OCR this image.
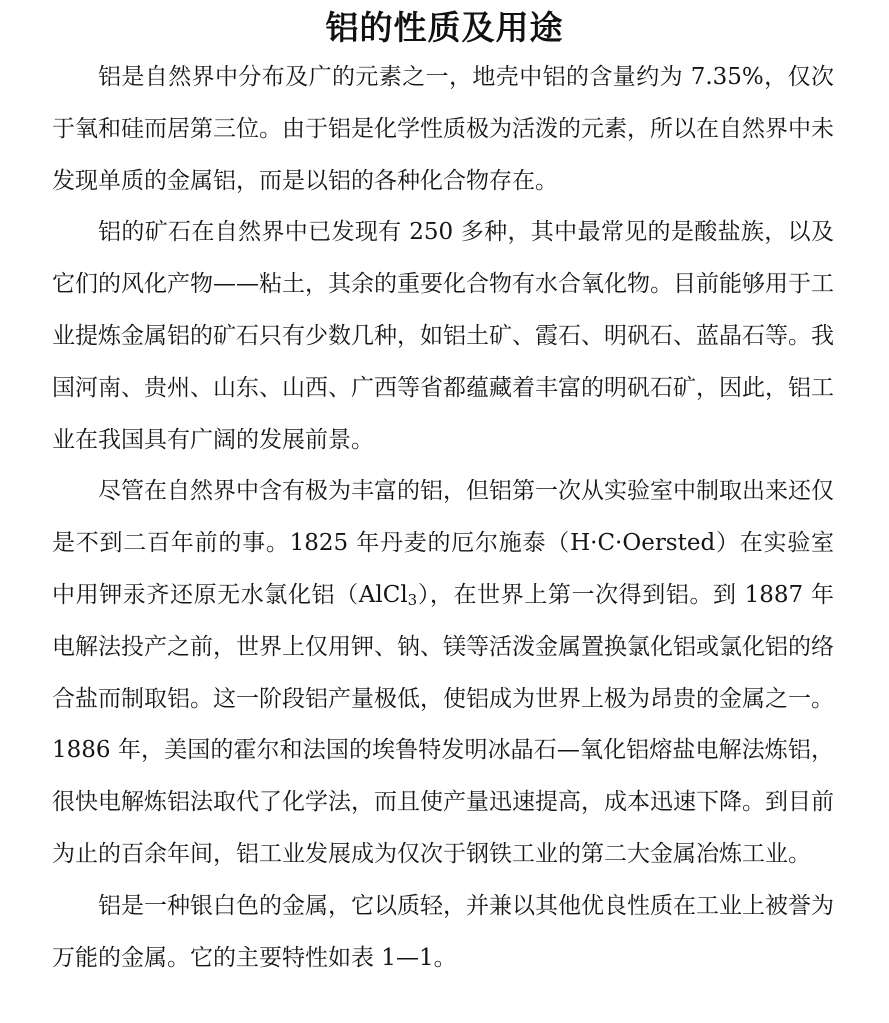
铝的性质及用途

铝是自然界中分布及广的元素之一，地壳中铝的含量约为 7.35%，仅次于氧和硅而居第三位。由于铝是化学性质极为活泼的元素，所以在自然界中未发现单质的金属铝，而是以铝的各种化合物存在。

铝的矿石在自然界中已发现有 250 多种，其中最常见的是酸盐族，以及它们的风化产物——粘土，其余的重要化合物有水合氧化物。目前能够用于工业提炼金属铝的矿石只有少数几种，如铝土矿、霞石、明矾石、蓝晶石等。我国河南、贵州、山东、山西、广西等省都蕴藏着丰富的明矾石矿，因此，铝工业在我国具有广阔的发展前景。

尽管在自然界中含有极为丰富的铝，但铝第一次从实验室中制取出来还仅是不到二百年前的事。1825 年丹麦的厄尔施泰（H·C·Oersted）在实验室中用钾汞齐还原无水氯化铝（AlCl$_3$），在世界上第一次得到铝。到 1887 年电解法投产之前，世界上仅用钾、钠、镁等活泼金属置换氯化铝或氯化铝的络合盐而制取铝。这一阶段铝产量极低，使铝成为世界上极为昂贵的金属之一。1886 年，美国的霍尔和法国的埃鲁特发明冰晶石—氧化铝熔盐电解法炼铝，很快电解炼铝法取代了化学法，而且使产量迅速提高，成本迅速下降。到目前为止的百余年间，铝工业发展成为仅次于钢铁工业的第二大金属冶炼工业。

铝是一种银白色的金属，它以质轻，并兼以其他优良性质在工业上被誉为万能的金属。它的主要特性如表 1—1。
